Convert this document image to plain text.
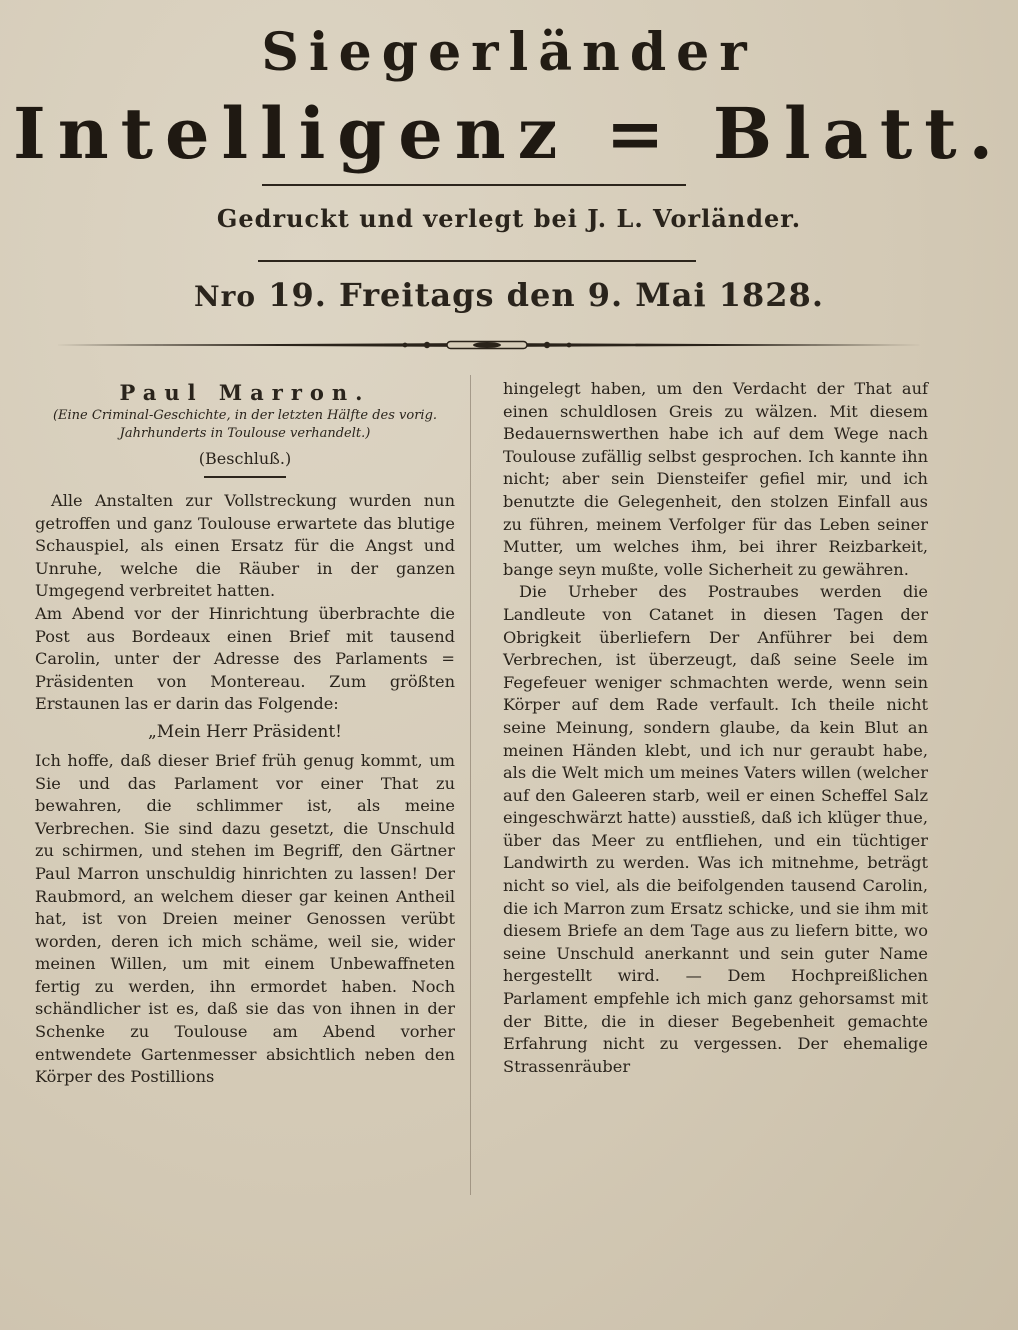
Siegerländer
Intelligenz = Blatt.
Gedruckt und verlegt bei J. L. Vorländer.
Nro 19. Freitags den 9. Mai 1828.
Paul Marron.
(Eine Criminal-Geschichte, in der letzten Hälfte des vorig. Jahrhunderts in Toulouse verhandelt.)
(Beschluß.)

Alle Anstalten zur Vollstreckung wurden nun getroffen und ganz Toulouse erwartete das blutige Schauspiel, als einen Ersatz für die Angst und Unruhe, welche die Räuber in der ganzen Umgegend verbreitet hatten.

Am Abend vor der Hinrichtung überbrachte die Post aus Bordeaux einen Brief mit tausend Carolin, unter der Adresse des Parlaments = Präsidenten von Montereau. Zum größten Erstaunen las er darin das Folgende:

„Mein Herr Präsident!

Ich hoffe, daß dieser Brief früh genug kommt, um Sie und das Parlament vor einer That zu bewahren, die schlimmer ist, als meine Verbrechen. Sie sind dazu gesetzt, die Unschuld zu schirmen, und stehen im Begriff, den Gärtner Paul Marron unschuldig hinrichten zu lassen! Der Raubmord, an welchem dieser gar keinen Antheil hat, ist von Dreien meiner Genossen verübt worden, deren ich mich schäme, weil sie, wider meinen Willen, um mit einem Unbewaffneten fertig zu werden, ihn ermordet haben. Noch schändlicher ist es, daß sie das von ihnen in der Schenke zu Toulouse am Abend vorher entwendete Gartenmesser absichtlich neben den Körper des Postillions

hingelegt haben, um den Verdacht der That auf einen schuldlosen Greis zu wälzen. Mit diesem Bedauernswerthen habe ich auf dem Wege nach Toulouse zufällig selbst gesprochen. Ich kannte ihn nicht; aber sein Diensteifer gefiel mir, und ich benutzte die Gelegenheit, den stolzen Einfall aus zu führen, meinem Verfolger für das Leben seiner Mutter, um welches ihm, bei ihrer Reizbarkeit, bange seyn mußte, volle Sicherheit zu gewähren.

Die Urheber des Postraubes werden die Landleute von Catanet in diesen Tagen der Obrigkeit überliefern Der Anführer bei dem Verbrechen, ist überzeugt, daß seine Seele im Fegefeuer weniger schmachten werde, wenn sein Körper auf dem Rade verfault. Ich theile nicht seine Meinung, sondern glaube, da kein Blut an meinen Händen klebt, und ich nur geraubt habe, als die Welt mich um meines Vaters willen (welcher auf den Galeeren starb, weil er einen Scheffel Salz eingeschwärzt hatte) ausstieß, daß ich klüger thue, über das Meer zu entfliehen, und ein tüchtiger Landwirth zu werden. Was ich mitnehme, beträgt nicht so viel, als die beifolgenden tausend Carolin, die ich Marron zum Ersatz schicke, und sie ihm mit diesem Briefe an dem Tage aus zu liefern bitte, wo seine Unschuld anerkannt und sein guter Name hergestellt wird. — Dem Hochpreißlichen Parlament empfehle ich mich ganz gehorsamst mit der Bitte, die in dieser Begebenheit gemachte Erfahrung nicht zu vergessen. Der ehemalige Strassenräuber
